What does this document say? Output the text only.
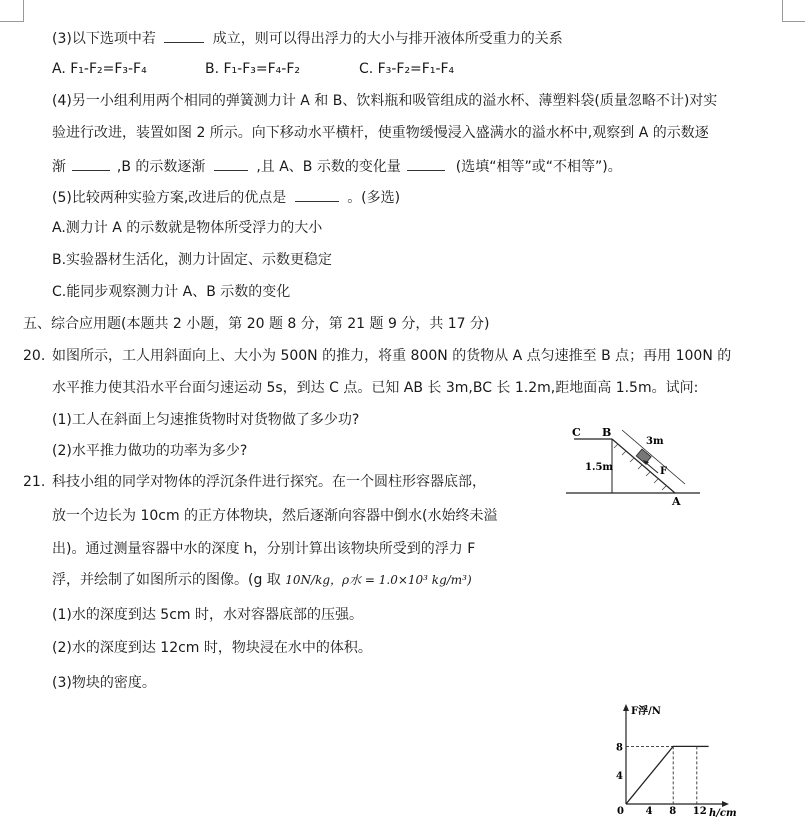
(3)以下选项中若	成立，则可以得出浮力的大小与排开液体所受重力的关系
A. F₁-F₂=F₃-F₄	B. F₁-F₃=F₄-F₂	C. F₃-F₂=F₁-F₄
(4)另一小组利用两个相同的弹簧测力计 A 和 B、饮料瓶和吸管组成的溢水杯、薄塑料袋(质量忽略不计)对实
验进行改进，装置如图 2 所示。向下移动水平横杆，使重物缓慢浸入盛满水的溢水杯中,观察到 A 的示数逐
渐	,B 的示数逐渐	,且 A、B 示数的变化量	(选填“相等”或“不相等”)。
(5)比较两种实验方案,改进后的优点是	。(多选)
A.测力计 A 的示数就是物体所受浮力的大小
B.实验器材生活化，测力计固定、示数更稳定
C.能同步观察测力计 A、B 示数的变化
五、综合应用题(本题共 2 小题，第 20 题 8 分，第 21 题 9 分，共 17 分)
20. 如图所示，工人用斜面向上、大小为 500N 的推力，将重 800N 的货物从 A 点匀速推至 B 点；再用 100N 的
水平推力使其沿水平台面匀速运动 5s，到达 C 点。已知 AB 长 3m,BC 长 1.2m,距地面高 1.5m。试问:
(1)工人在斜面上匀速推货物时对货物做了多少功?
(2)水平推力做功的功率为多少?
C B
3m
1.5m	F
A
21. 科技小组的同学对物体的浮沉条件进行探究。在一个圆柱形容器底部，
放一个边长为 10cm 的正方体物块，然后逐渐向容器中倒水(水始终未溢
出)。通过测量容器中水的深度 h，分别计算出该物块所受到的浮力 F
浮，并绘制了如图所示的图像。(g 取 10N/kg，ρ水 = 1.0×10³ kg/m³)
(1)水的深度到达 5cm 时，水对容器底部的压强。
(2)水的深度到达 12cm 时，物块浸在水中的体积。
(3)物块的密度。
F浮/N
h/cm
0 4 8 12
4
8
